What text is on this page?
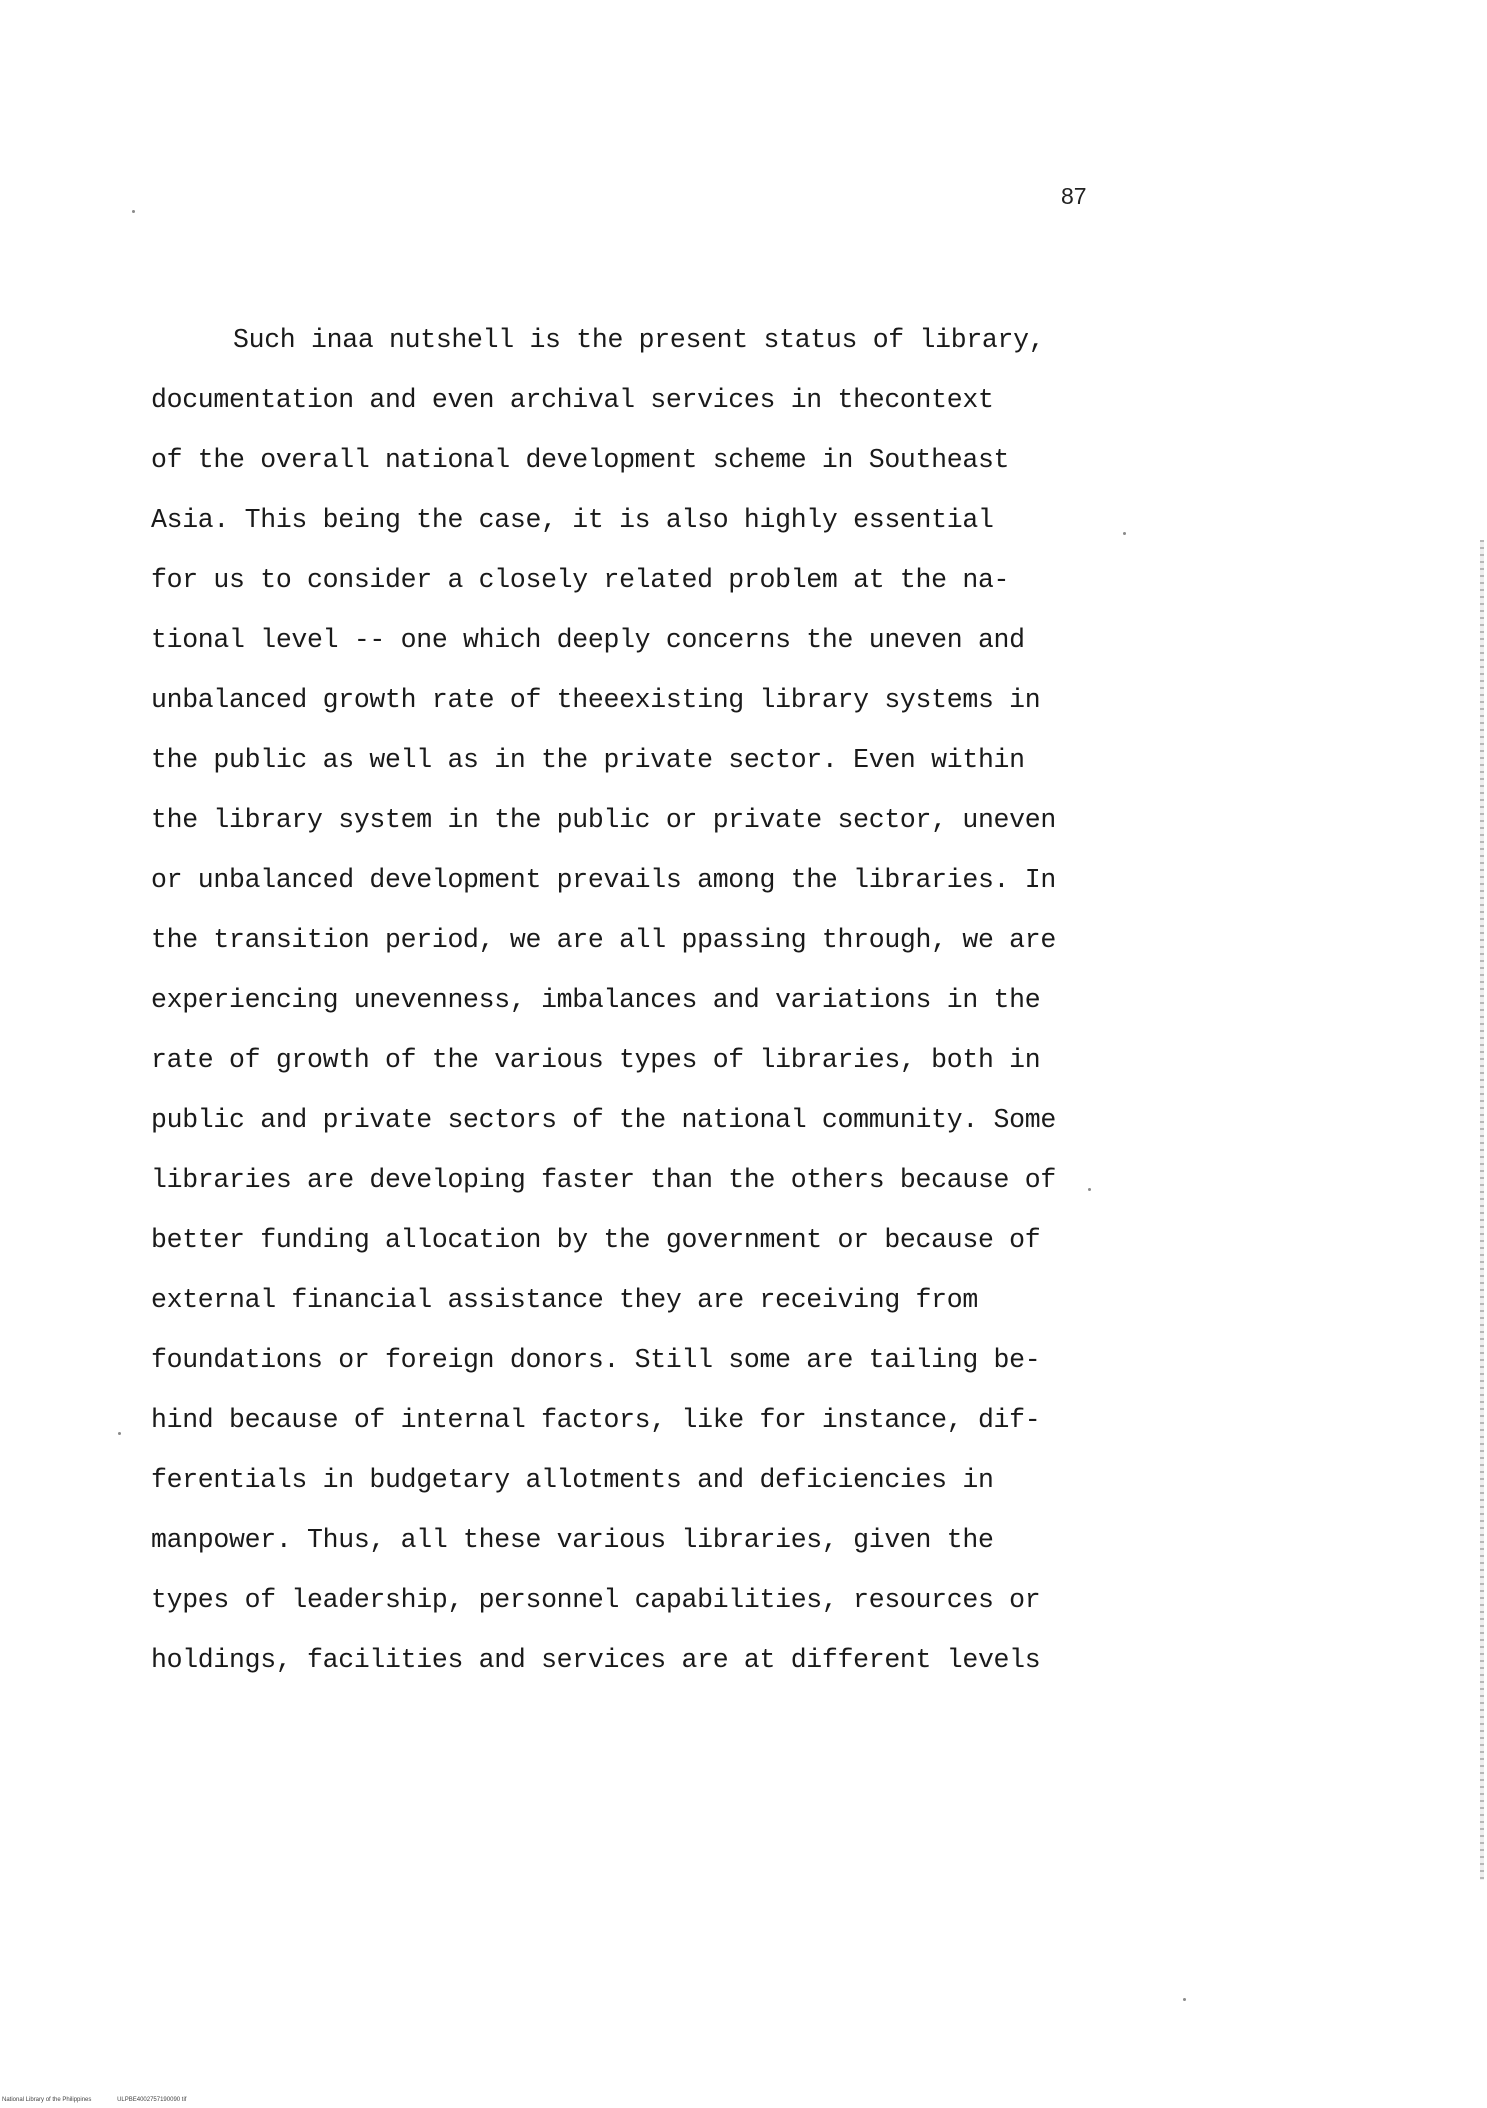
87
Such inaa nutshell is the present status of library,
documentation and even archival services in thecontext
of the overall national development scheme in Southeast
Asia. This being the case, it is also highly essential
for us to consider a closely related problem at the na-
tional level -- one which deeply concerns the uneven and
unbalanced growth rate of theeexisting library systems in
the public as well as in the private sector. Even within
the library system in the public or private sector, uneven
or unbalanced development prevails among the libraries. In
the transition period, we are all ppassing through, we are
experiencing unevenness, imbalances and variations in the
rate of growth of the various types of libraries, both in
public and private sectors of the national community. Some
libraries are developing faster than the others because of
better funding allocation by the government or because of
external financial assistance they are receiving from
foundations or foreign donors. Still some are tailing be-
hind because of internal factors, like for instance, dif-
ferentials in budgetary allotments and deficiencies in
manpower. Thus, all these various libraries, given the
types of leadership, personnel capabilities, resources or
holdings, facilities and services are at different levels
National Library of the Philippines	ULPBE4002757190090 tif
